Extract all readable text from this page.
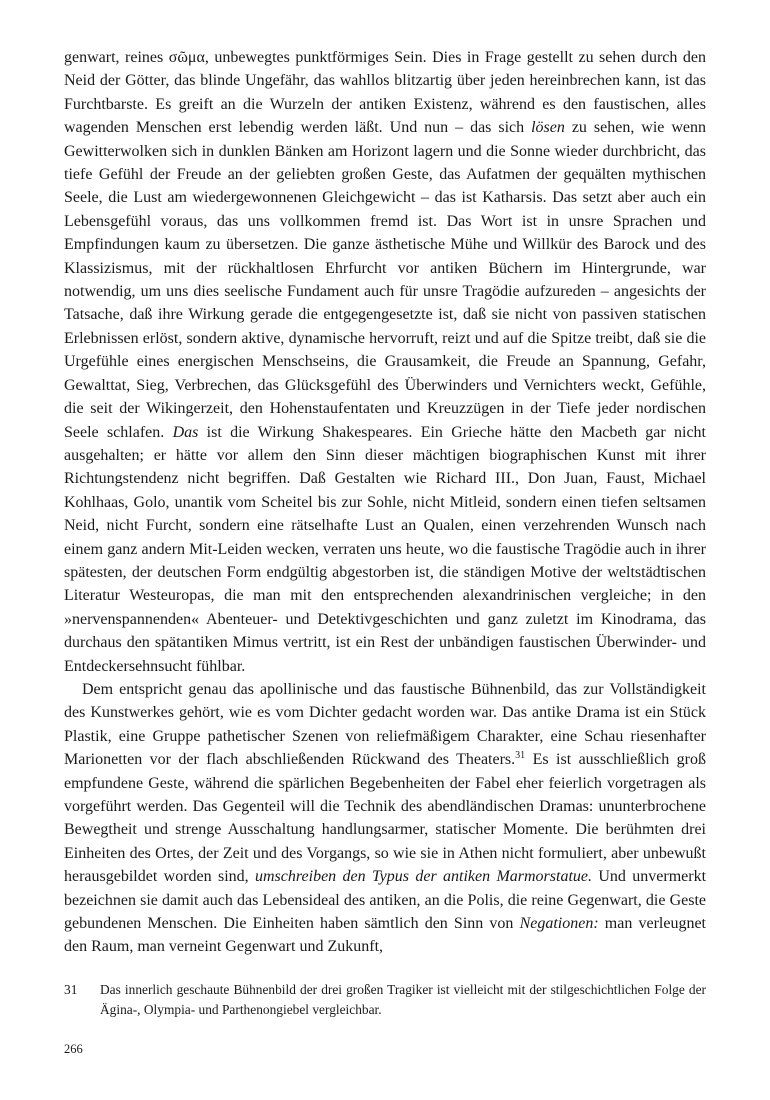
genwart, reines σῶμα, unbewegtes punktförmiges Sein. Dies in Frage gestellt zu sehen durch den Neid der Götter, das blinde Ungefähr, das wahllos blitzartig über jeden hereinbrechen kann, ist das Furchtbarste. Es greift an die Wurzeln der antiken Existenz, während es den faustischen, alles wagenden Menschen erst lebendig werden läßt. Und nun – das sich lösen zu sehen, wie wenn Gewitterwolken sich in dunklen Bänken am Horizont lagern und die Sonne wieder durchbricht, das tiefe Gefühl der Freude an der geliebten großen Geste, das Aufatmen der gequälten mythischen Seele, die Lust am wiedergewonnenen Gleichgewicht – das ist Katharsis. Das setzt aber auch ein Lebensgefühl voraus, das uns vollkommen fremd ist. Das Wort ist in unsre Sprachen und Empfindungen kaum zu übersetzen. Die ganze ästhetische Mühe und Willkür des Barock und des Klassizismus, mit der rückhaltlosen Ehrfurcht vor antiken Büchern im Hintergrunde, war notwendig, um uns dies seelische Fundament auch für unsre Tragödie aufzureden – angesichts der Tatsache, daß ihre Wirkung gerade die entgegengesetzte ist, daß sie nicht von passiven statischen Erlebnissen erlöst, sondern aktive, dynamische hervorruft, reizt und auf die Spitze treibt, daß sie die Urgefühle eines energischen Menschseins, die Grausamkeit, die Freude an Spannung, Gefahr, Gewalttat, Sieg, Verbrechen, das Glücksgefühl des Überwinders und Vernichters weckt, Gefühle, die seit der Wikingerzeit, den Hohenstaufentaten und Kreuzzügen in der Tiefe jeder nordischen Seele schlafen. Das ist die Wirkung Shakespeares. Ein Grieche hätte den Macbeth gar nicht ausgehalten; er hätte vor allem den Sinn dieser mächtigen biographischen Kunst mit ihrer Richtungstendenz nicht begriffen. Daß Gestalten wie Richard III., Don Juan, Faust, Michael Kohlhaas, Golo, unantik vom Scheitel bis zur Sohle, nicht Mitleid, sondern einen tiefen seltsamen Neid, nicht Furcht, sondern eine rätselhafte Lust an Qualen, einen verzehrenden Wunsch nach einem ganz andern Mit-Leiden wecken, verraten uns heute, wo die faustische Tragödie auch in ihrer spätesten, der deutschen Form endgültig abgestorben ist, die ständigen Motive der weltstädtischen Literatur Westeuropas, die man mit den entsprechenden alexandrinischen vergleiche; in den »nervenspannenden« Abenteuer- und Detektivgeschichten und ganz zuletzt im Kinodrama, das durchaus den spätantiken Mimus vertritt, ist ein Rest der unbändigen faustischen Überwinder- und Entdeckersehnsucht fühlbar.

Dem entspricht genau das apollinische und das faustische Bühnenbild, das zur Vollständigkeit des Kunstwerkes gehört, wie es vom Dichter gedacht worden war. Das antike Drama ist ein Stück Plastik, eine Gruppe pathetischer Szenen von reliefmäßigem Charakter, eine Schau riesenhafter Marionetten vor der flach abschließenden Rückwand des Theaters.$^{31}$ Es ist ausschließlich groß empfundene Geste, während die spärlichen Begebenheiten der Fabel eher feierlich vorgetragen als vorgeführt werden. Das Gegenteil will die Technik des abendländischen Dramas: ununterbrochene Bewegtheit und strenge Ausschaltung handlungsarmer, statischer Momente. Die berühmten drei Einheiten des Ortes, der Zeit und des Vorgangs, so wie sie in Athen nicht formuliert, aber unbewußt herausgebildet worden sind, umschreiben den Typus der antiken Marmorstatue. Und unvermerkt bezeichnen sie damit auch das Lebensideal des antiken, an die Polis, die reine Gegenwart, die Geste gebundenen Menschen. Die Einheiten haben sämtlich den Sinn von Negationen: man verleugnet den Raum, man verneint Gegenwart und Zukunft,

31	Das innerlich geschaute Bühnenbild der drei großen Tragiker ist vielleicht mit der stilgeschichtlichen Folge der Ägina-, Olympia- und Parthenongiebel vergleichbar.
266
